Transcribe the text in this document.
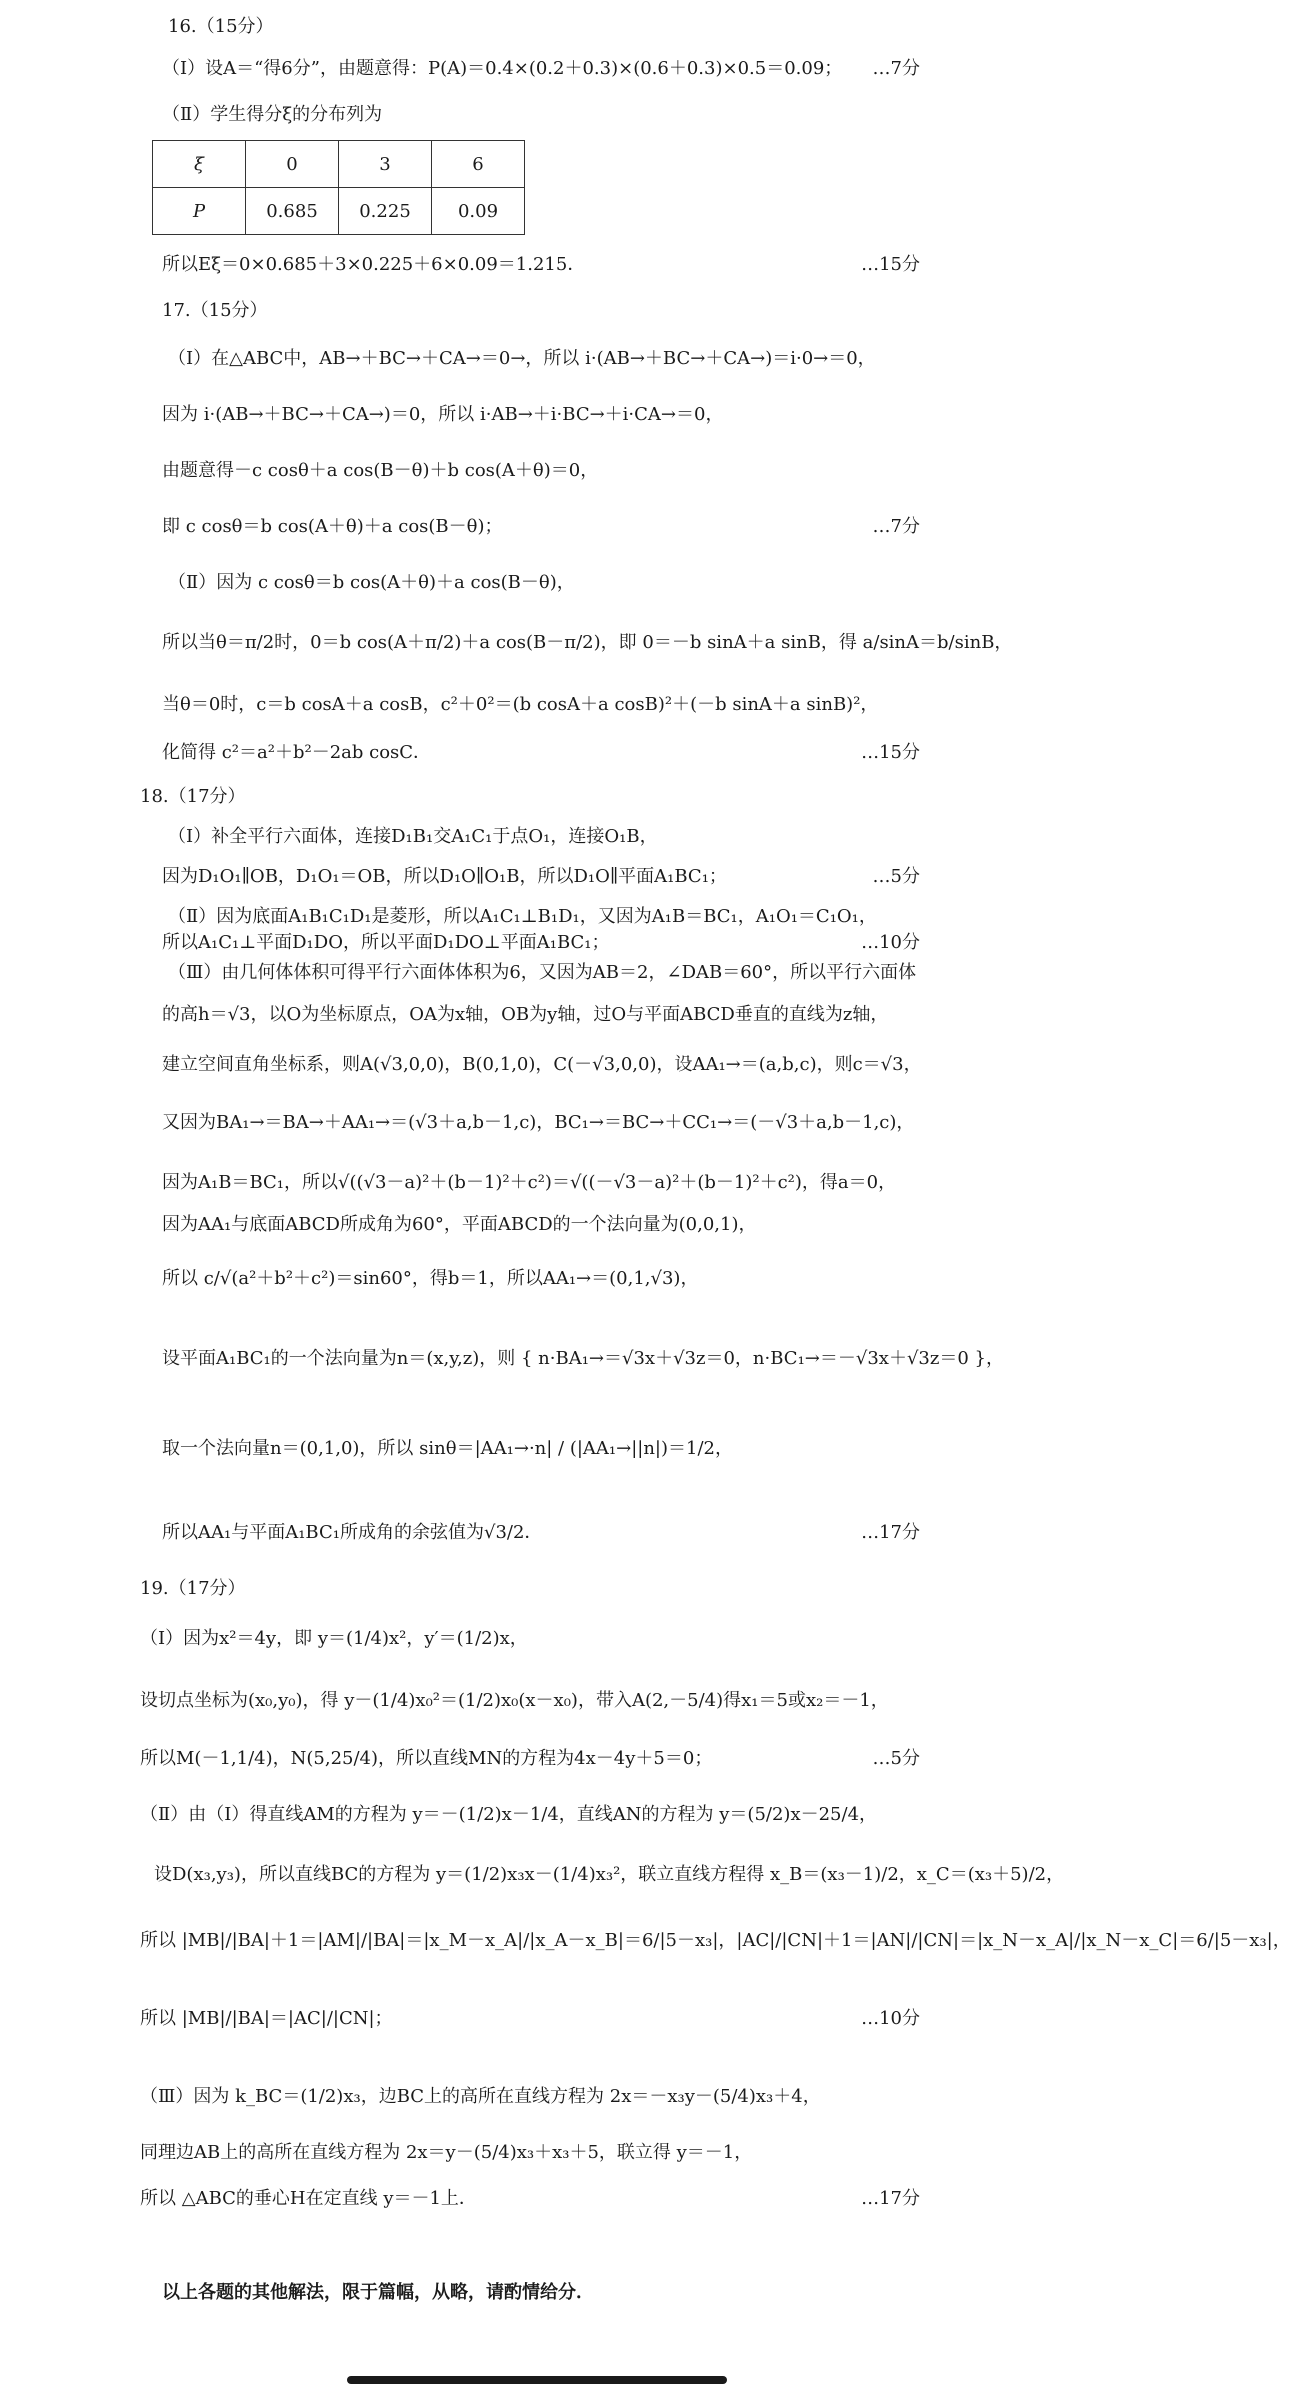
16.（15分）
（Ⅰ）设A＝“得6分”，由题意得：P(A)＝0.4×(0.2＋0.3)×(0.6＋0.3)×0.5＝0.09； …7分
（Ⅱ）学生得分ξ的分布列为
ξ	0	3	6
P	0.685	0.225	0.09
所以Eξ＝0×0.685＋3×0.225＋6×0.09＝1.215．	…15分
17.（15分）
（Ⅰ）在△ABC中，AB→＋BC→＋CA→＝0→，所以 i·(AB→＋BC→＋CA→)＝i·0→＝0，
因为 i·(AB→＋BC→＋CA→)＝0，所以 i·AB→＋i·BC→＋i·CA→＝0，
由题意得－c cosθ＋a cos(B－θ)＋b cos(A＋θ)＝0，
即 c cosθ＝b cos(A＋θ)＋a cos(B－θ)；	…7分
（Ⅱ）因为 c cosθ＝b cos(A＋θ)＋a cos(B－θ)，
所以当θ＝π/2时，0＝b cos(A＋π/2)＋a cos(B－π/2)，即 0＝－b sinA＋a sinB，得 a/sinA＝b/sinB，
当θ＝0时，c＝b cosA＋a cosB，c²＋0²＝(b cosA＋a cosB)²＋(－b sinA＋a sinB)²，
化简得 c²＝a²＋b²－2ab cosC．	…15分
18.（17分）
（Ⅰ）补全平行六面体，连接D₁B₁交A₁C₁于点O₁，连接O₁B，
因为D₁O₁∥OB，D₁O₁＝OB，所以D₁O∥O₁B，所以D₁O∥平面A₁BC₁；	…5分
（Ⅱ）因为底面A₁B₁C₁D₁是菱形，所以A₁C₁⊥B₁D₁，又因为A₁B＝BC₁，A₁O₁＝C₁O₁，
所以A₁C₁⊥平面D₁DO，所以平面D₁DO⊥平面A₁BC₁；	…10分
（Ⅲ）由几何体体积可得平行六面体体积为6，又因为AB＝2，∠DAB＝60°，所以平行六面体
的高h＝√3，以O为坐标原点，OA为x轴，OB为y轴，过O与平面ABCD垂直的直线为z轴，
建立空间直角坐标系，则A(√3,0,0)，B(0,1,0)，C(－√3,0,0)，设AA₁→＝(a,b,c)，则c＝√3，
又因为BA₁→＝BA→＋AA₁→＝(√3＋a,b－1,c)，BC₁→＝BC→＋CC₁→＝(－√3＋a,b－1,c)，
因为A₁B＝BC₁，所以√((√3－a)²＋(b－1)²＋c²)＝√((－√3－a)²＋(b－1)²＋c²)，得a＝0，
因为AA₁与底面ABCD所成角为60°，平面ABCD的一个法向量为(0,0,1)，
所以 c/√(a²＋b²＋c²)＝sin60°，得b＝1，所以AA₁→＝(0,1,√3)，
设平面A₁BC₁的一个法向量为n＝(x,y,z)，则 { n·BA₁→＝√3x＋√3z＝0，n·BC₁→＝－√3x＋√3z＝0 }，
取一个法向量n＝(0,1,0)，所以 sinθ＝|AA₁→·n| / (|AA₁→||n|)＝1/2，
所以AA₁与平面A₁BC₁所成角的余弦值为√3/2．	…17分
19.（17分）
（Ⅰ）因为x²＝4y，即 y＝(1/4)x²，y′＝(1/2)x，
设切点坐标为(x₀,y₀)，得 y－(1/4)x₀²＝(1/2)x₀(x－x₀)，带入A(2,－5/4)得x₁＝5或x₂＝－1，
所以M(－1,1/4)，N(5,25/4)，所以直线MN的方程为4x－4y＋5＝0；	…5分
（Ⅱ）由（Ⅰ）得直线AM的方程为 y＝－(1/2)x－1/4，直线AN的方程为 y＝(5/2)x－25/4，
设D(x₃,y₃)，所以直线BC的方程为 y＝(1/2)x₃x－(1/4)x₃²，联立直线方程得 x_B＝(x₃－1)/2，x_C＝(x₃＋5)/2，
所以 |MB|/|BA|＋1＝|AM|/|BA|＝|x_M－x_A|/|x_A－x_B|＝6/|5－x₃|，|AC|/|CN|＋1＝|AN|/|CN|＝|x_N－x_A|/|x_N－x_C|＝6/|5－x₃|，
所以 |MB|/|BA|＝|AC|/|CN|；	…10分
（Ⅲ）因为 k_BC＝(1/2)x₃，边BC上的高所在直线方程为 2x＝－x₃y－(5/4)x₃＋4，
同理边AB上的高所在直线方程为 2x＝y－(5/4)x₃＋x₃＋5，联立得 y＝－1，
所以 △ABC的垂心H在定直线 y＝－1上．	…17分
以上各题的其他解法，限于篇幅，从略，请酌情给分．
